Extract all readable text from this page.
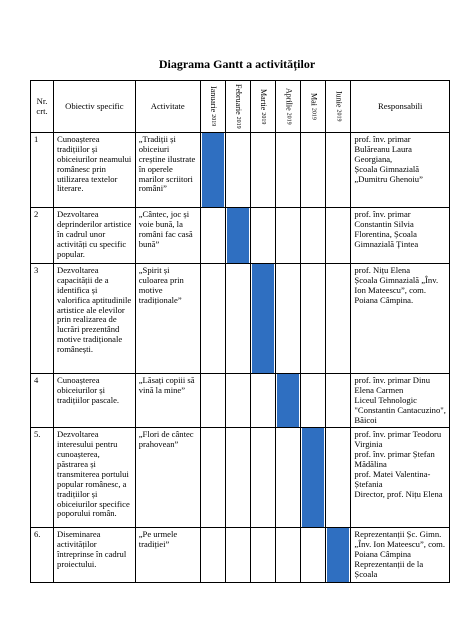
Diagrama Gantt a activităților
Nr.
crt.	Obiectiv specific	Activitate	Ianuarie 2019	Februarie 2019	Martie 2019	Aprilie 2019	Mai 2019	Iunie 2019	Responsabili
1	Cunoașterea tradițiilor și obiceiurilor neamului românesc prin utilizarea textelor literare.	„Tradiții și obiceiuri creștine ilustrate în operele marilor scriitori români”							prof. înv. primar Bulăreanu Laura Georgiana,
Școala Gimnazială „Dumitru Ghenoiu”
2	Dezvoltarea deprinderilor artistice în cadrul unor activități cu specific popular.	„Cântec, joc și voie bună, la români fac casă bună”							prof. înv. primar Constantin Silvia Florentina, Școala Gimnazială Țintea
3	Dezvoltarea capacității de a identifica și valorifica aptitudinile artistice ale elevilor prin realizarea de lucrări prezentând motive tradiționale românești.	„Spirit și culoarea prin motive tradiționale”							prof. Nițu Elena
Școala Gimnazială „Înv. Ion Mateescu”, com. Poiana Câmpina.
4	Cunoașterea obiceiurilor și tradițiilor pascale.	„Lăsați copiii să vină la mine”							prof. înv. primar Dinu Elena Carmen
Liceul Tehnologic "Constantin Cantacuzino", Băicoi
5.	Dezvoltarea interesului pentru cunoașterea, păstrarea și transmiterea portului popular românesc, a tradițiilor și obiceiurilor specifice poporului român.	„Flori de cântec prahovean”							prof. înv. primar Teodoru Virginia
prof. înv. primar Ștefan Mădălina
prof. Matei Valentina-Ștefania
Director, prof. Nițu Elena
6.	Diseminarea activităților întreprinse în cadrul proiectului.	„Pe urmele tradiției”							Reprezentanții Șc. Gimn. „Înv. Ion Mateescu”, com. Poiana Câmpina
Reprezentanții de la Școala
